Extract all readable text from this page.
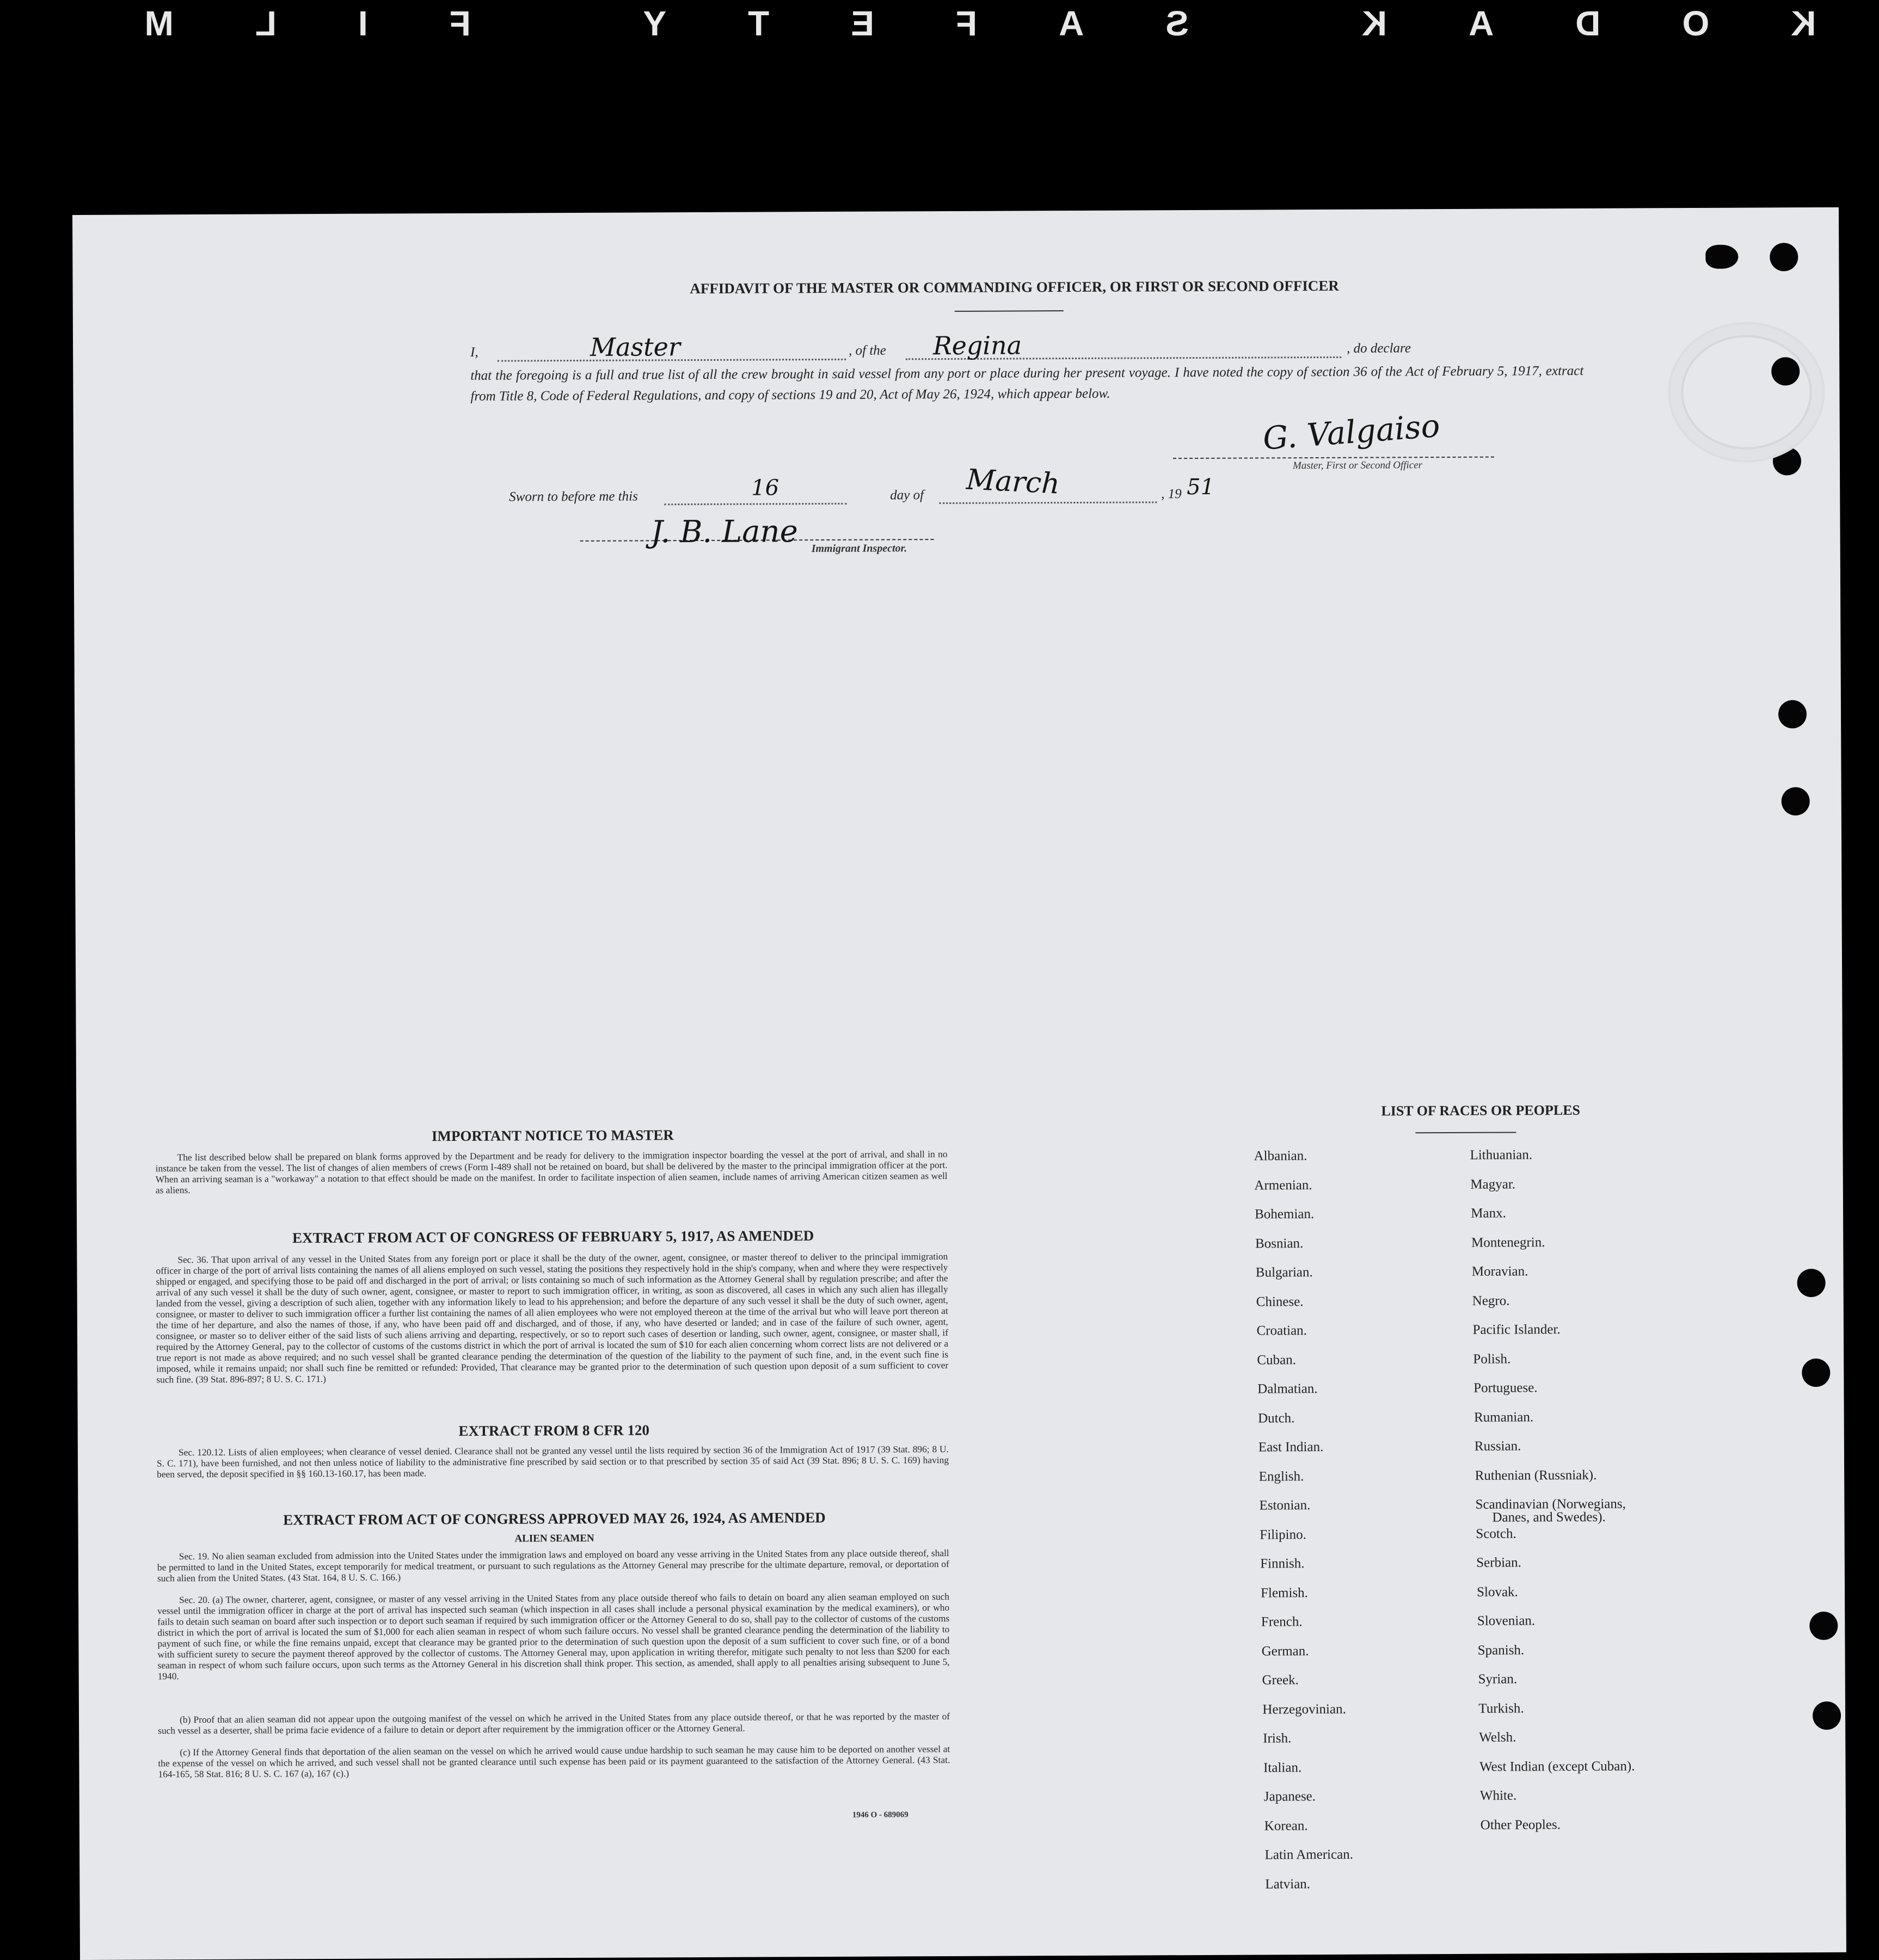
KODAK SAFETY FILM
AFFIDAVIT OF THE MASTER OR COMMANDING OFFICER, OR FIRST OR SECOND OFFICER
I,	Master	, of the Regina	, do declare
that the foregoing is a full and true list of all the crew brought in said vessel from any port or place during her present voyage. I have noted the copy of section 36 of the Act of February 5, 1917, extract from Title 8, Code of Federal Regulations, and copy of sections 19 and 20, Act of May 26, 1924, which appear below.
G. Valgaiso
Master, First or Second Officer
Sworn to before me this	16	day of March	, 19 51
J. B. Lane Immigrant Inspector.
IMPORTANT NOTICE TO MASTER
The list described below shall be prepared on blank forms approved by the Department and be ready for delivery to the immigration inspector boarding the vessel at the port of arrival, and shall in no instance be taken from the vessel. The list of changes of alien members of crews (Form I-489 shall not be retained on board, but shall be delivered by the master to the principal immigration officer at the port. When an arriving seaman is a "workaway" a notation to that effect should be made on the manifest. In order to facilitate inspection of alien seamen, include names of arriving American citizen seamen as well as aliens.
EXTRACT FROM ACT OF CONGRESS OF FEBRUARY 5, 1917, AS AMENDED
Sec. 36. That upon arrival of any vessel in the United States from any foreign port or place it shall be the duty of the owner, agent, consignee, or master thereof to deliver to the principal immigration officer in charge of the port of arrival lists containing the names of all aliens employed on such vessel, stating the positions they respectively hold in the ship's company, when and where they were respectively shipped or engaged, and specifying those to be paid off and discharged in the port of arrival; or lists containing so much of such information as the Attorney General shall by regulation prescribe; and after the arrival of any such vessel it shall be the duty of such owner, agent, consignee, or master to report to such immigration officer, in writing, as soon as discovered, all cases in which any such alien has illegally landed from the vessel, giving a description of such alien, together with any information likely to lead to his apprehension; and before the departure of any such vessel it shall be the duty of such owner, agent, consignee, or master to deliver to such immigration officer a further list containing the names of all alien employees who were not employed thereon at the time of the arrival but who will leave port thereon at the time of her departure, and also the names of those, if any, who have been paid off and discharged, and of those, if any, who have deserted or landed; and in case of the failure of such owner, agent, consignee, or master so to deliver either of the said lists of such aliens arriving and departing, respectively, or so to report such cases of desertion or landing, such owner, agent, consignee, or master shall, if required by the Attorney General, pay to the collector of customs of the customs district in which the port of arrival is located the sum of $10 for each alien concerning whom correct lists are not delivered or a true report is not made as above required; and no such vessel shall be granted clearance pending the determination of the question of the liability to the payment of such fine, and, in the event such fine is imposed, while it remains unpaid; nor shall such fine be remitted or refunded: Provided, That clearance may be granted prior to the determination of such question upon deposit of a sum sufficient to cover such fine. (39 Stat. 896-897; 8 U. S. C. 171.)
EXTRACT FROM 8 CFR 120
Sec. 120.12. Lists of alien employees; when clearance of vessel denied. Clearance shall not be granted any vessel until the lists required by section 36 of the Immigration Act of 1917 (39 Stat. 896; 8 U. S. C. 171), have been furnished, and not then unless notice of liability to the administrative fine prescribed by said section or to that prescribed by section 35 of said Act (39 Stat. 896; 8 U. S. C. 169) having been served, the deposit specified in §§ 160.13-160.17, has been made.
EXTRACT FROM ACT OF CONGRESS APPROVED MAY 26, 1924, AS AMENDED
ALIEN SEAMEN
Sec. 19. No alien seaman excluded from admission into the United States under the immigration laws and employed on board any vesse arriving in the United States from any place outside thereof, shall be permitted to land in the United States, except temporarily for medical treatment, or pursuant to such regulations as the Attorney General may prescribe for the ultimate departure, removal, or deportation of such alien from the United States. (43 Stat. 164, 8 U. S. C. 166.)
Sec. 20. (a) The owner, charterer, agent, consignee, or master of any vessel arriving in the United States from any place outside thereof who fails to detain on board any alien seaman employed on such vessel until the immigration officer in charge at the port of arrival has inspected such seaman (which inspection in all cases shall include a personal physical examination by the medical examiners), or who fails to detain such seaman on board after such inspection or to deport such seaman if required by such immigration officer or the Attorney General to do so, shall pay to the collector of customs of the customs district in which the port of arrival is located the sum of $1,000 for each alien seaman in respect of whom such failure occurs. No vessel shall be granted clearance pending the determination of the liability to payment of such fine, or while the fine remains unpaid, except that clearance may be granted prior to the determination of such question upon the deposit of a sum sufficient to cover such fine, or of a bond with sufficient surety to secure the payment thereof approved by the collector of customs. The Attorney General may, upon application in writing therefor, mitigate such penalty to not less than $200 for each seaman in respect of whom such failure occurs, upon such terms as the Attorney General in his discretion shall think proper. This section, as amended, shall apply to all penalties arising subsequent to June 5, 1940.
(b) Proof that an alien seaman did not appear upon the outgoing manifest of the vessel on which he arrived in the United States from any place outside thereof, or that he was reported by the master of such vessel as a deserter, shall be prima facie evidence of a failure to detain or deport after requirement by the immigration officer or the Attorney General.
(c) If the Attorney General finds that deportation of the alien seaman on the vessel on which he arrived would cause undue hardship to such seaman he may cause him to be deported on another vessel at the expense of the vessel on which he arrived, and such vessel shall not be granted clearance until such expense has been paid or its payment guaranteed to the satisfaction of the Attorney General. (43 Stat. 164-165, 58 Stat. 816; 8 U. S. C. 167 (a), 167 (c).)
1946 O - 689069
LIST OF RACES OR PEOPLES
Albanian.
Armenian.
Bohemian.
Bosnian.
Bulgarian.
Chinese.
Croatian.
Cuban.
Dalmatian.
Dutch.
East Indian.
English.
Estonian.
Filipino.
Finnish.
Flemish.
French.
German.
Greek.
Herzegovinian.
Irish.
Italian.
Japanese.
Korean.
Latin American.
Latvian.
Lithuanian.
Magyar.
Manx.
Montenegrin.
Moravian.
Negro.
Pacific Islander.
Polish.
Portuguese.
Rumanian.
Russian.
Ruthenian (Russniak).
Scandinavian (Norwegians,
Danes, and Swedes).
Scotch.
Serbian.
Slovak.
Slovenian.
Spanish.
Syrian.
Turkish.
Welsh.
West Indian (except Cuban).
White.
Other Peoples.
